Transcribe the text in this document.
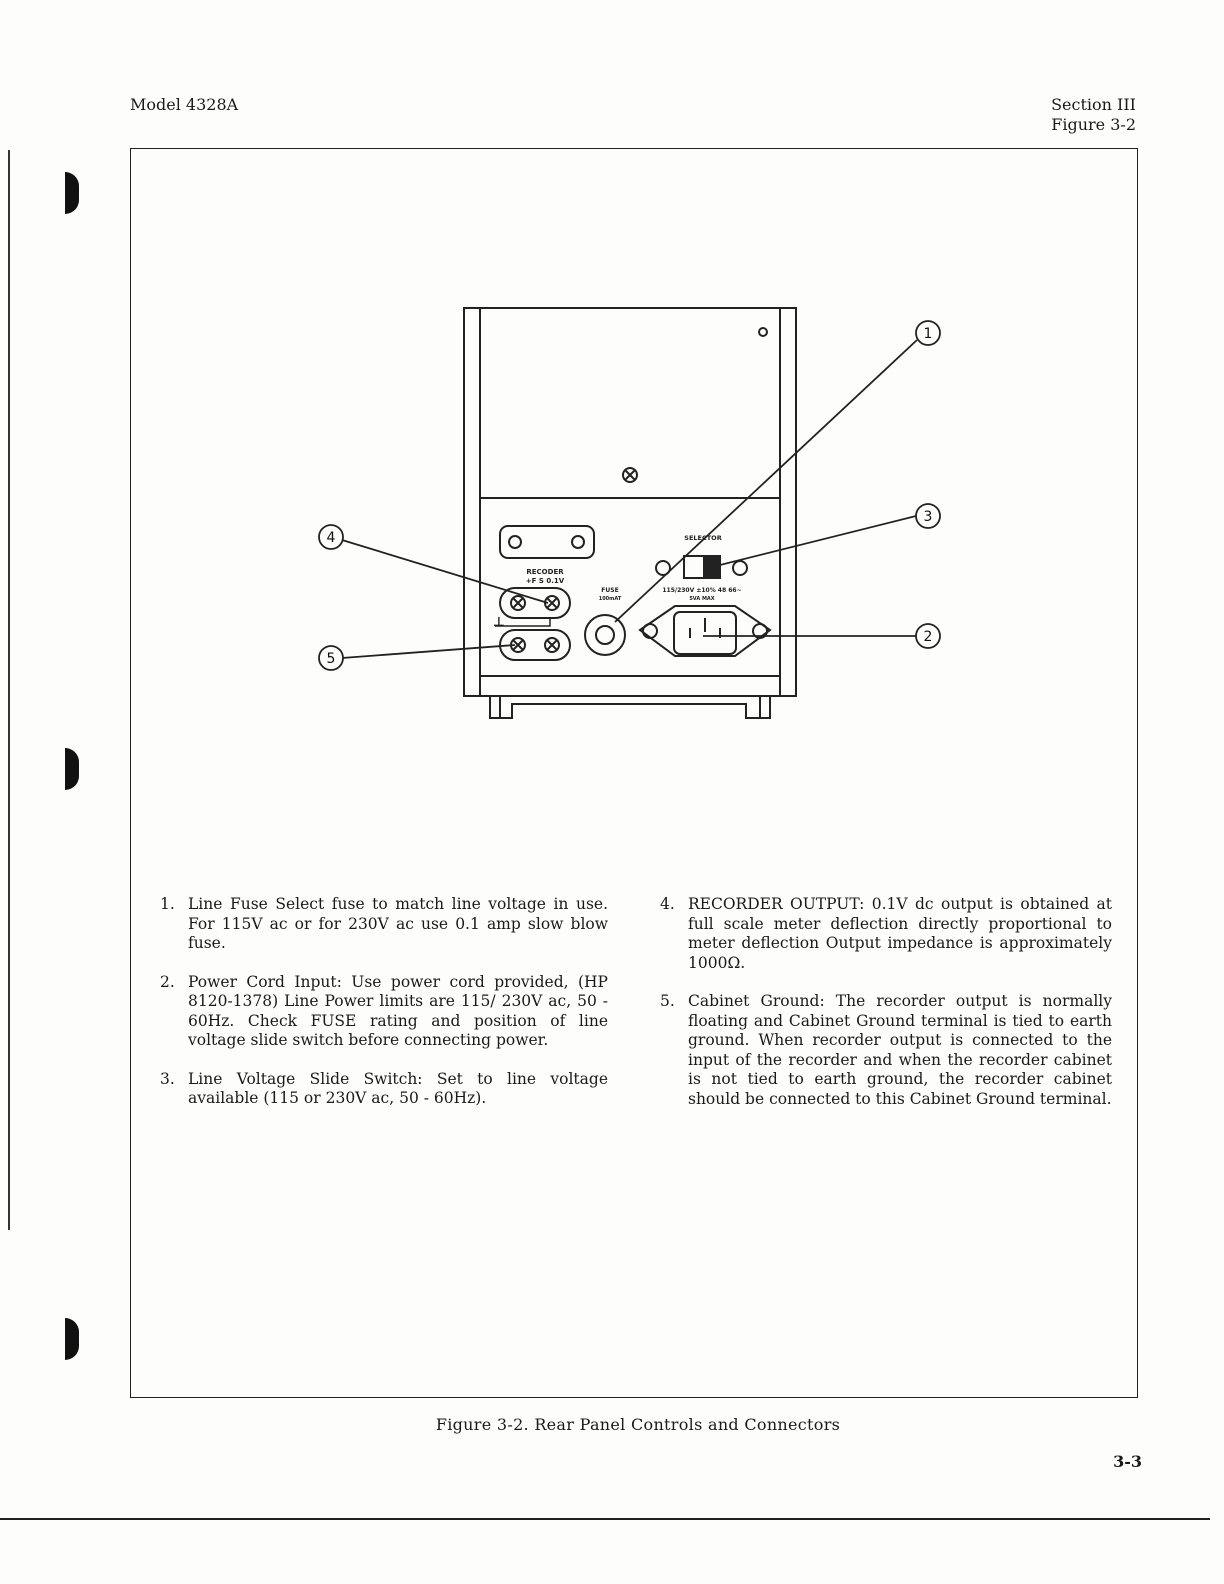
Model 4328A	Section III
Figure 3-2
RECODER
+F S 0.1V
FUSE
100mAT
SELECTOR
115/230V ±10% 48 66~
5VA MAX
⊥
1
2
3
4
5
1. Line Fuse Select fuse to match line voltage in use. For 115V ac or for 230V ac use 0.1 amp slow blow fuse.
2. Power Cord Input: Use power cord provided, (HP 8120-1378) Line Power limits are 115/ 230V ac, 50 - 60Hz. Check FUSE rating and position of line voltage slide switch before connecting power.
3. Line Voltage Slide Switch: Set to line voltage available (115 or 230V ac, 50 - 60Hz).
4. RECORDER OUTPUT: 0.1V dc output is obtained at full scale meter deflection directly proportional to meter deflection Output impedance is approximately 1000Ω.
5. Cabinet Ground: The recorder output is normally floating and Cabinet Ground terminal is tied to earth ground. When recorder output is connected to the input of the recorder and when the recorder cabinet is not tied to earth ground, the recorder cabinet should be connected to this Cabinet Ground terminal.
Figure 3-2. Rear Panel Controls and Connectors
3-3
